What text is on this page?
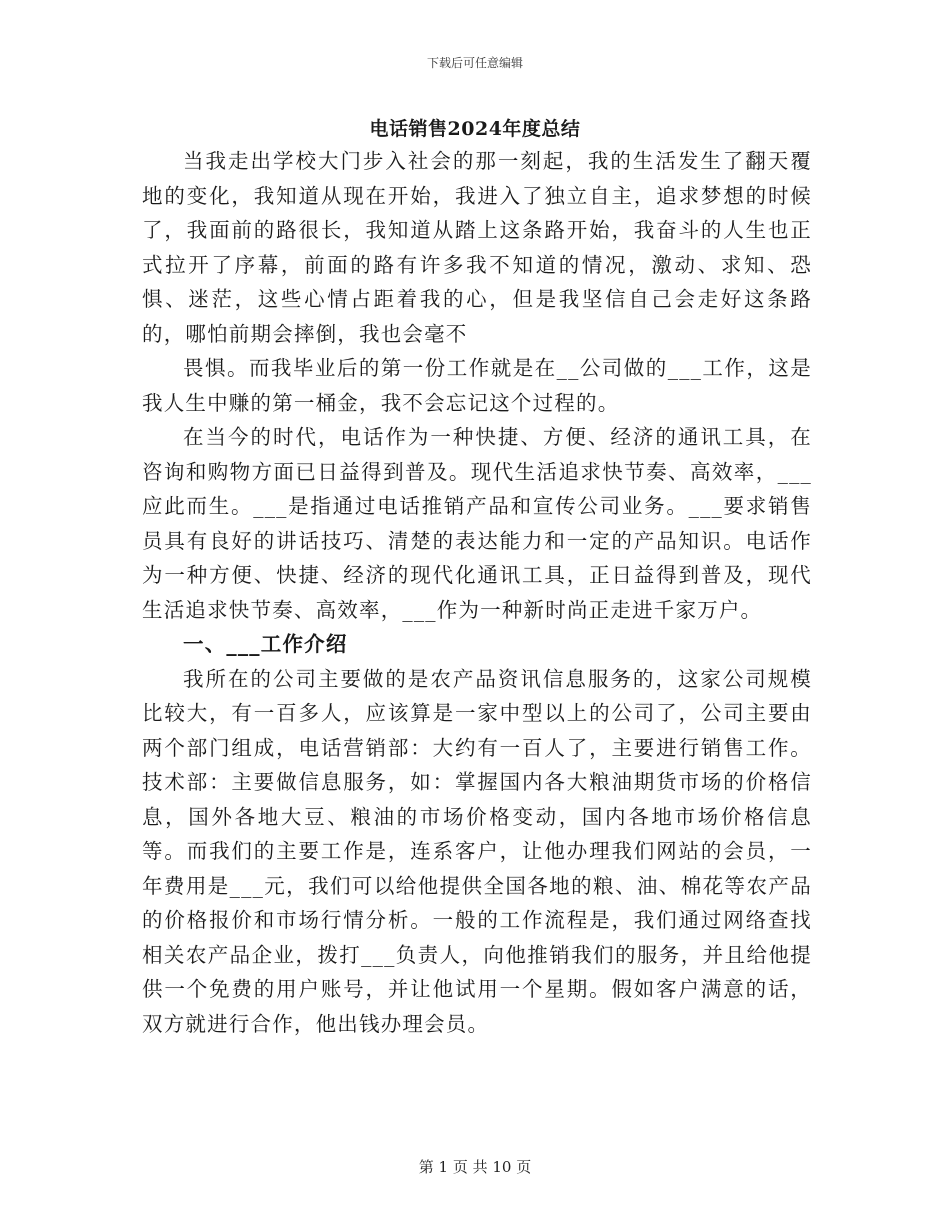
下载后可任意编辑
电话销售2024年度总结

当我走出学校大门步入社会的那一刻起，我的生活发生了翻天覆地的变化，我知道从现在开始，我进入了独立自主，追求梦想的时候了，我面前的路很长，我知道从踏上这条路开始，我奋斗的人生也正式拉开了序幕，前面的路有许多我不知道的情况，激动、求知、恐惧、迷茫，这些心情占距着我的心，但是我坚信自己会走好这条路的，哪怕前期会摔倒，我也会毫不

畏惧。而我毕业后的第一份工作就是在__公司做的___工作，这是我人生中赚的第一桶金，我不会忘记这个过程的。

在当今的时代，电话作为一种快捷、方便、经济的通讯工具，在咨询和购物方面已日益得到普及。现代生活追求快节奏、高效率，___应此而生。___是指通过电话推销产品和宣传公司业务。___要求销售员具有良好的讲话技巧、清楚的表达能力和一定的产品知识。电话作为一种方便、快捷、经济的现代化通讯工具，正日益得到普及，现代生活追求快节奏、高效率，___作为一种新时尚正走进千家万户。

一、___工作介绍

我所在的公司主要做的是农产品资讯信息服务的，这家公司规模比较大，有一百多人，应该算是一家中型以上的公司了，公司主要由两个部门组成，电话营销部：大约有一百人了，主要进行销售工作。技术部：主要做信息服务，如：掌握国内各大粮油期货市场的价格信息，国外各地大豆、粮油的市场价格变动，国内各地市场价格信息等。而我们的主要工作是，连系客户，让他办理我们网站的会员，一年费用是___元，我们可以给他提供全国各地的粮、油、棉花等农产品的价格报价和市场行情分析。一般的工作流程是，我们通过网络查找相关农产品企业，拨打___负责人，向他推销我们的服务，并且给他提供一个免费的用户账号，并让他试用一个星期。假如客户满意的话，双方就进行合作，他出钱办理会员。

第 1 页 共 10 页
